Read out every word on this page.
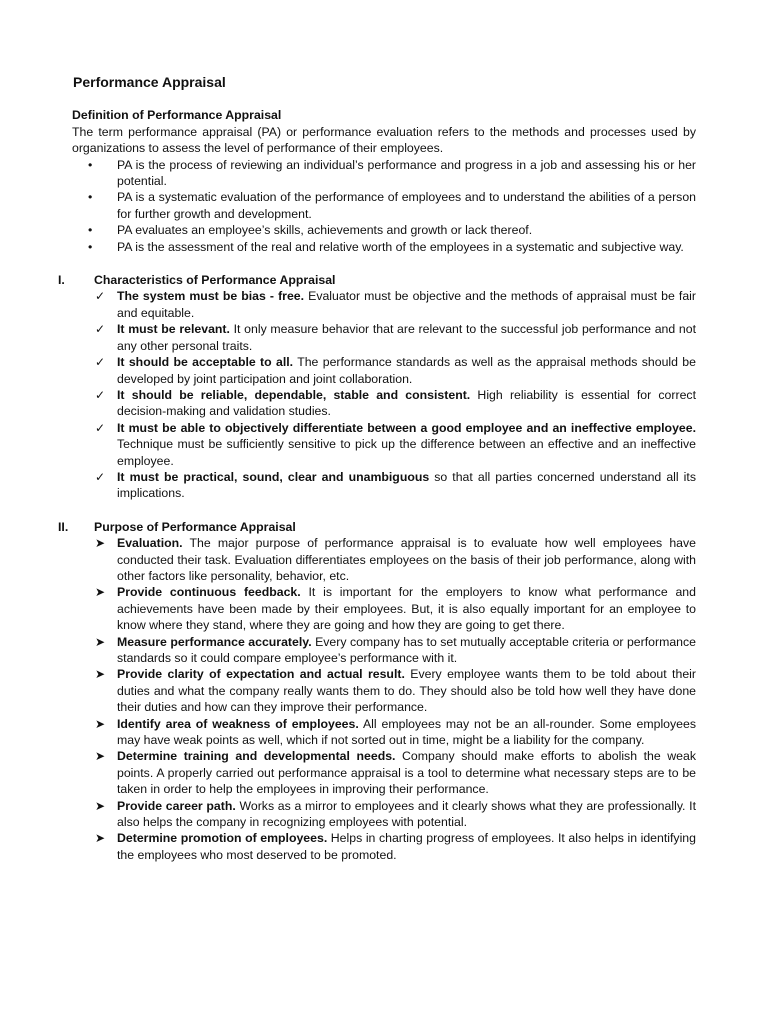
Performance Appraisal
Definition of Performance Appraisal

The term performance appraisal (PA) or performance evaluation refers to the methods and processes used by organizations to assess the level of performance of their employees.

• PA is the process of reviewing an individual’s performance and progress in a job and assessing his or her potential.
• PA is a systematic evaluation of the performance of employees and to understand the abilities of a person for further growth and development.
• PA evaluates an employee’s skills, achievements and growth or lack thereof.
• PA is the assessment of the real and relative worth of the employees in a systematic and subjective way.
I. Characteristics of Performance Appraisal
✓ The system must be bias - free. Evaluator must be objective and the methods of appraisal must be fair and equitable.
✓ It must be relevant. It only measure behavior that are relevant to the successful job performance and not any other personal traits.
✓ It should be acceptable to all. The performance standards as well as the appraisal methods should be developed by joint participation and joint collaboration.
✓ It should be reliable, dependable, stable and consistent. High reliability is essential for correct decision-making and validation studies.
✓ It must be able to objectively differentiate between a good employee and an ineffective employee. Technique must be sufficiently sensitive to pick up the difference between an effective and an ineffective employee.
✓ It must be practical, sound, clear and unambiguous so that all parties concerned understand all its implications.
II. Purpose of Performance Appraisal
➤ Evaluation. The major purpose of performance appraisal is to evaluate how well employees have conducted their task. Evaluation differentiates employees on the basis of their job performance, along with other factors like personality, behavior, etc.
➤ Provide continuous feedback. It is important for the employers to know what performance and achievements have been made by their employees. But, it is also equally important for an employee to know where they stand, where they are going and how they are going to get there.
➤ Measure performance accurately. Every company has to set mutually acceptable criteria or performance standards so it could compare employee’s performance with it.
➤ Provide clarity of expectation and actual result. Every employee wants them to be told about their duties and what the company really wants them to do. They should also be told how well they have done their duties and how can they improve their performance.
➤ Identify area of weakness of employees. All employees may not be an all-rounder. Some employees may have weak points as well, which if not sorted out in time, might be a liability for the company.
➤ Determine training and developmental needs. Company should make efforts to abolish the weak points. A properly carried out performance appraisal is a tool to determine what necessary steps are to be taken in order to help the employees in improving their performance.
➤ Provide career path. Works as a mirror to employees and it clearly shows what they are professionally. It also helps the company in recognizing employees with potential.
➤ Determine promotion of employees. Helps in charting progress of employees. It also helps in identifying the employees who most deserved to be promoted.
